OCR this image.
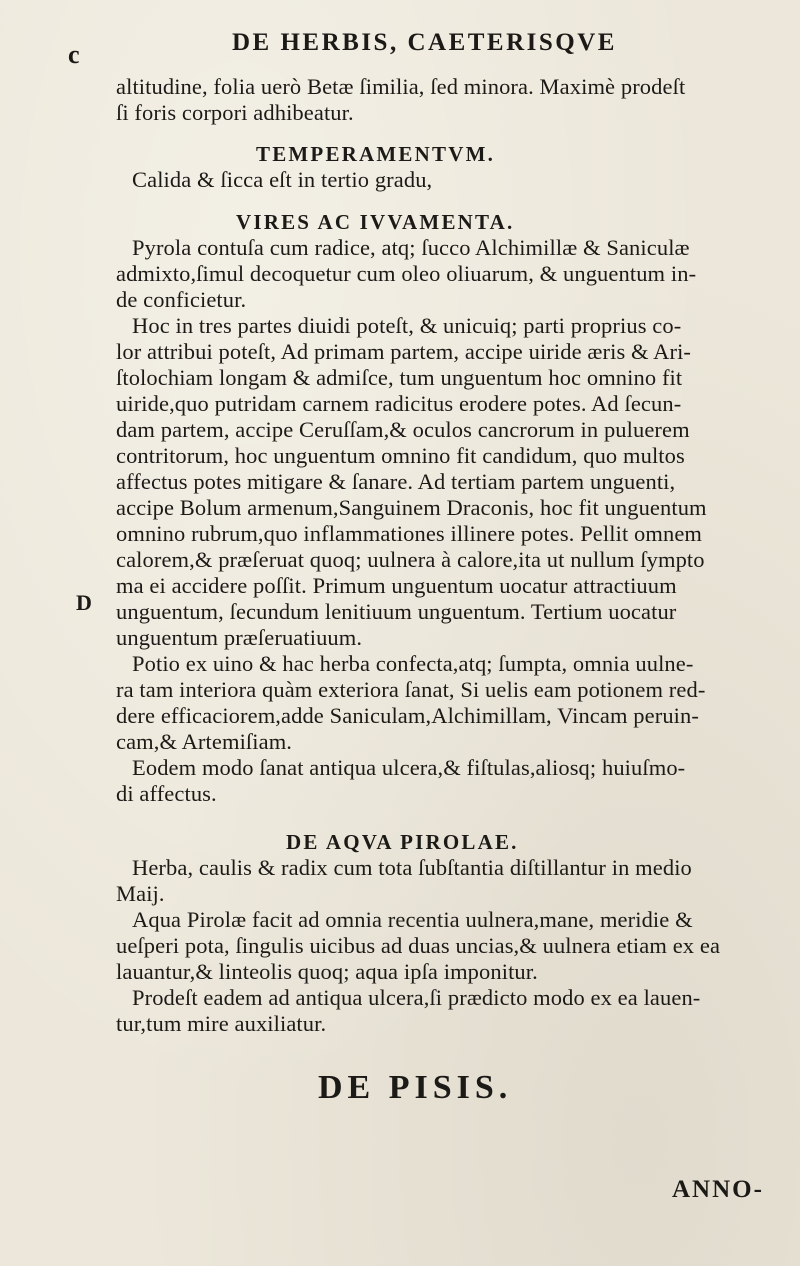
c
D
DE HERBIS, CAETERISQVE
altitudine, folia uerò Betæ ſimilia, ſed minora. Maximè prodeſt
ſi foris corpori adhibeatur.
TEMPERAMENTVM.
Calida & ſicca eſt in tertio gradu,
VIRES AC IVVAMENTA.
Pyrola contuſa cum radice, atq; ſucco Alchimillæ & Saniculæ
admixto,ſimul decoquetur cum oleo oliuarum, & unguentum in-
de conficietur.
Hoc in tres partes diuidi poteſt, & unicuiq; parti proprius co-
lor attribui poteſt, Ad primam partem, accipe uiride æris & Ari-
ſtolochiam longam & admiſce, tum unguentum hoc omnino fit
uiride,quo putridam carnem radicitus erodere potes. Ad ſecun-
dam partem, accipe Ceruſſam,& oculos cancrorum in puluerem
contritorum, hoc unguentum omnino fit candidum, quo multos
affectus potes mitigare & ſanare. Ad tertiam partem unguenti,
accipe Bolum armenum,Sanguinem Draconis, hoc fit unguentum
omnino rubrum,quo inflammationes illinere potes. Pellit omnem
calorem,& præſeruat quoq; uulnera à calore,ita ut nullum ſympto
ma ei accidere poſſit. Primum unguentum uocatur attractiuum
unguentum, ſecundum lenitiuum unguentum. Tertium uocatur
unguentum præſeruatiuum.
Potio ex uino & hac herba confecta,atq; ſumpta, omnia uulne-
ra tam interiora quàm exteriora ſanat, Si uelis eam potionem red-
dere efficaciorem,adde Saniculam,Alchimillam, Vincam peruin-
cam,& Artemiſiam.
Eodem modo ſanat antiqua ulcera,& fiſtulas,aliosq; huiuſmo-
di affectus.
DE AQVA PIROLAE.
Herba, caulis & radix cum tota ſubſtantia diſtillantur in medio
Maij.
Aqua Pirolæ facit ad omnia recentia uulnera,mane, meridie &
ueſperi pota, ſingulis uicibus ad duas uncias,& uulnera etiam ex ea
lauantur,& linteolis quoq; aqua ipſa imponitur.
Prodeſt eadem ad antiqua ulcera,ſi prædicto modo ex ea lauen-
tur,tum mire auxiliatur.
DE PISIS.
ANNO-
